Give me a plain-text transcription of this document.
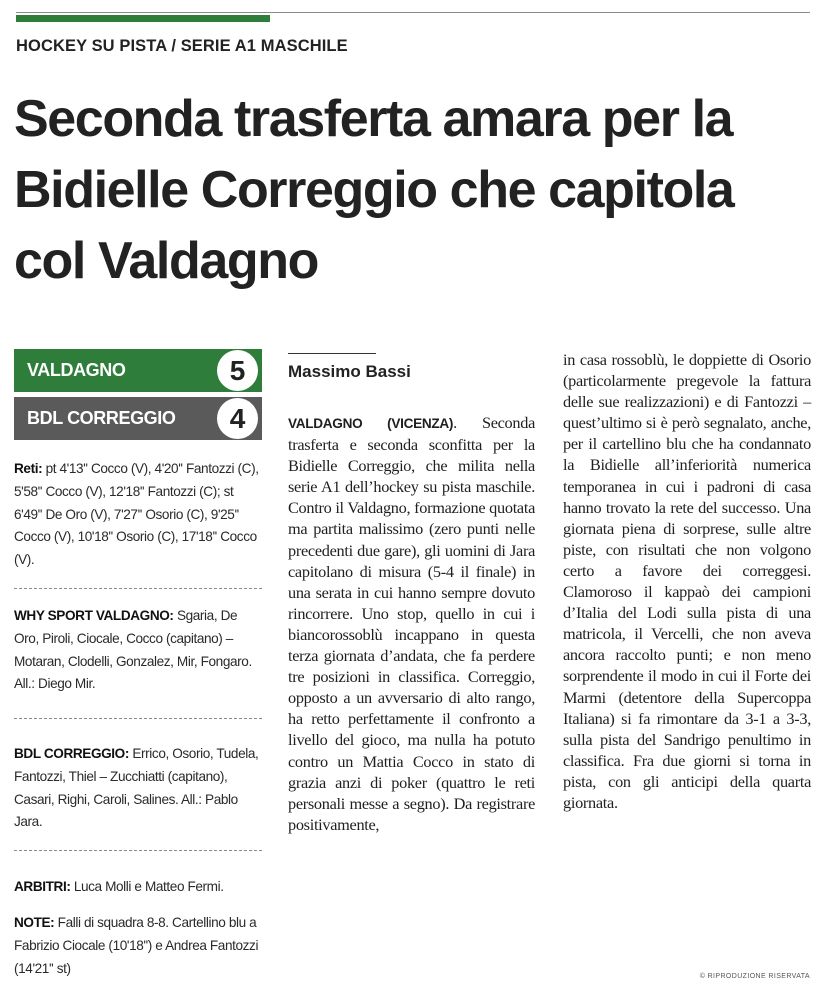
HOCKEY SU PISTA / SERIE A1 MASCHILE
Seconda trasferta amara per la Bidielle Correggio che capitola col Valdagno
VALDAGNO	5
BDL CORREGGIO	4

Reti: pt 4'13'' Cocco (V), 4'20'' Fantozzi (C), 5'58'' Cocco (V), 12'18'' Fantozzi (C); st 6'49'' De Oro (V), 7'27'' Osorio (C), 9'25'' Cocco (V), 10'18'' Osorio (C), 17'18'' Cocco (V).

WHY SPORT VALDAGNO: Sgaria, De Oro, Piroli, Ciocale, Cocco (capitano) – Motaran, Clodelli, Gonzalez, Mir, Fongaro. All.: Diego Mir.

BDL CORREGGIO: Errico, Osorio, Tudela, Fantozzi, Thiel – Zucchiatti (capitano), Casari, Righi, Caroli, Salines. All.: Pablo Jara.

ARBITRI: Luca Molli e Matteo Fermi.

NOTE: Falli di squadra 8-8. Cartellino blu a Fabrizio Ciocale (10'18'') e Andrea Fantozzi (14'21'' st)

Massimo Bassi

VALDAGNO (VICENZA). Seconda trasferta e seconda sconfitta per la Bidielle Correggio, che milita nella serie A1 dell’hockey su pista maschile. Contro il Valdagno, formazione quotata ma partita malissimo (zero punti nelle precedenti due gare), gli uomini di Jara capitolano di misura (5-4 il finale) in una serata in cui hanno sempre dovuto rincorrere. Uno stop, quello in cui i biancorossoblù incappano in questa terza giornata d’andata, che fa perdere tre posizioni in classifica. Correggio, opposto a un avversario di alto rango, ha retto perfettamente il confronto a livello del gioco, ma nulla ha potuto contro un Mattia Cocco in stato di grazia anzi di poker (quattro le reti personali messe a segno). Da registrare positivamente,

in casa rossoblù, le doppiette di Osorio (particolarmente pregevole la fattura delle sue realizzazioni) e di Fantozzi – quest’ultimo si è però segnalato, anche, per il cartellino blu che ha condannato la Bidielle all’inferiorità numerica temporanea in cui i padroni di casa hanno trovato la rete del successo. Una giornata piena di sorprese, sulle altre piste, con risultati che non volgono certo a favore dei correggesi. Clamoroso il kappaò dei campioni d’Italia del Lodi sulla pista di una matricola, il Vercelli, che non aveva ancora raccolto punti; e non meno sorprendente il modo in cui il Forte dei Marmi (detentore della Supercoppa Italiana) si fa rimontare da 3-1 a 3-3, sulla pista del Sandrigo penultimo in classifica. Fra due giorni si torna in pista, con gli anticipi della quarta giornata.

© RIPRODUZIONE RISERVATA
